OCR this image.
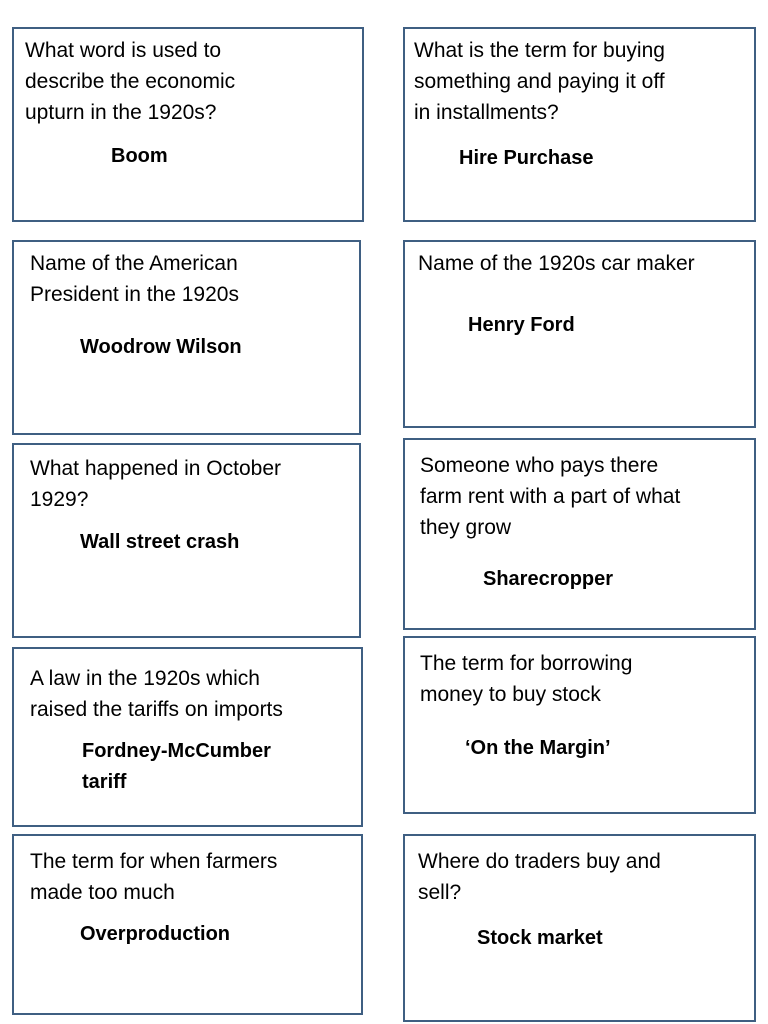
What word is used to
describe the economic
upturn in the 1920s?

Boom

What is the term for buying
something and paying it off
in installments?

Hire Purchase

Name of the American
President in the 1920s

Woodrow Wilson

Name of the 1920s car maker

Henry Ford

What happened in October
1929?

Wall street crash

Someone who pays there
farm rent with a part of what
they grow

Sharecropper

A law in the 1920s which
raised the tariffs on imports

Fordney-McCumber
tariff

The term for borrowing
money to buy stock

‘On the Margin’

The term for when farmers
made too much

Overproduction

Where do traders buy and
sell?

Stock market
